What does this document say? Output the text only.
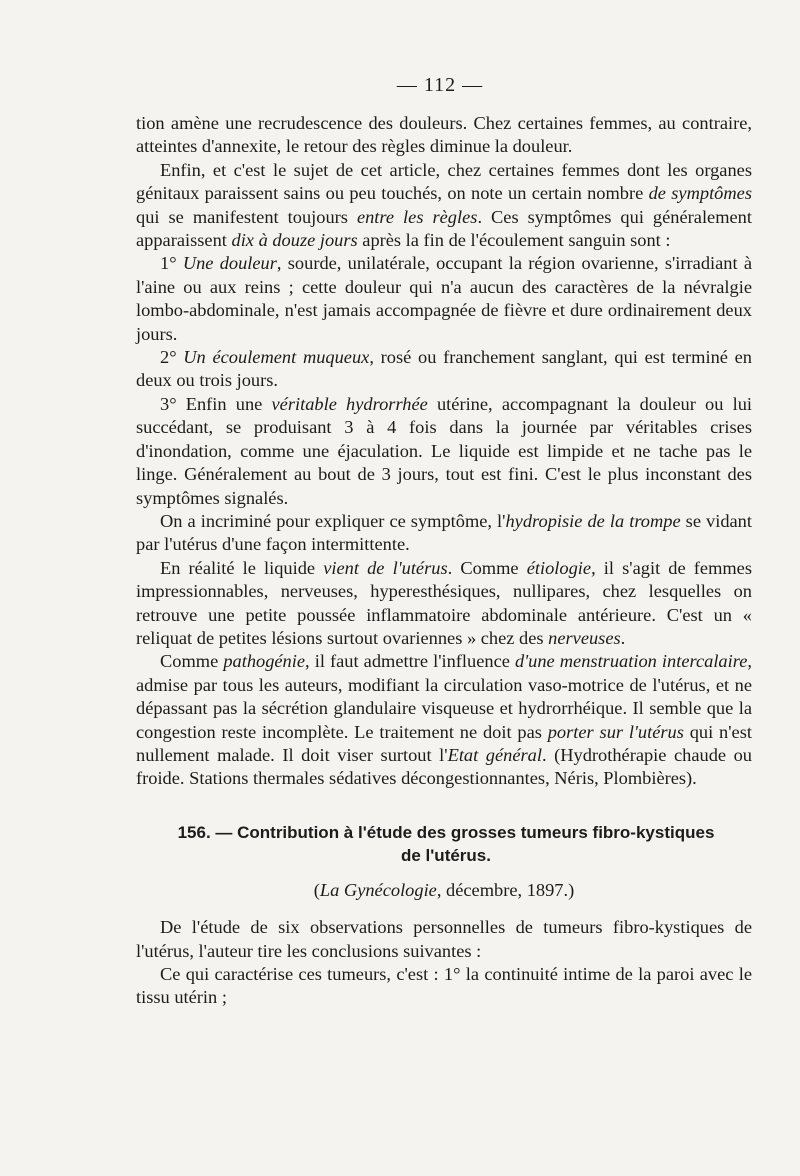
— 112 —

tion amène une recrudescence des douleurs. Chez certaines femmes, au contraire, atteintes d'annexite, le retour des règles diminue la douleur.

Enfin, et c'est le sujet de cet article, chez certaines femmes dont les organes génitaux paraissent sains ou peu touchés, on note un certain nombre de symptômes qui se manifestent toujours entre les règles. Ces symptômes qui généralement apparaissent dix à douze jours après la fin de l'écoulement sanguin sont :

1° Une douleur, sourde, unilatérale, occupant la région ovarienne, s'irradiant à l'aine ou aux reins ; cette douleur qui n'a aucun des caractères de la névralgie lombo-abdominale, n'est jamais accompagnée de fièvre et dure ordinairement deux jours.

2° Un écoulement muqueux, rosé ou franchement sanglant, qui est terminé en deux ou trois jours.

3° Enfin une véritable hydrorrhée utérine, accompagnant la douleur ou lui succédant, se produisant 3 à 4 fois dans la journée par véritables crises d'inondation, comme une éjaculation. Le liquide est limpide et ne tache pas le linge. Généralement au bout de 3 jours, tout est fini. C'est le plus inconstant des symptômes signalés.

On a incriminé pour expliquer ce symptôme, l'hydropisie de la trompe se vidant par l'utérus d'une façon intermittente.

En réalité le liquide vient de l'utérus. Comme étiologie, il s'agit de femmes impressionnables, nerveuses, hyperesthésiques, nullipares, chez lesquelles on retrouve une petite poussée inflammatoire abdominale antérieure. C'est un « reliquat de petites lésions surtout ovariennes » chez des nerveuses.

Comme pathogénie, il faut admettre l'influence d'une menstruation intercalaire, admise par tous les auteurs, modifiant la circulation vaso-motrice de l'utérus, et ne dépassant pas la sécrétion glandulaire visqueuse et hydrorrhéique. Il semble que la congestion reste incomplète. Le traitement ne doit pas porter sur l'utérus qui n'est nullement malade. Il doit viser surtout l'Etat général. (Hydrothérapie chaude ou froide. Stations thermales sédatives décongestionnantes, Néris, Plombières).

156. — Contribution à l'étude des grosses tumeurs fibro-kystiques
de l'utérus.
(La Gynécologie, décembre, 1897.)

De l'étude de six observations personnelles de tumeurs fibro-kystiques de l'utérus, l'auteur tire les conclusions suivantes :

Ce qui caractérise ces tumeurs, c'est : 1° la continuité intime de la paroi avec le tissu utérin ;
